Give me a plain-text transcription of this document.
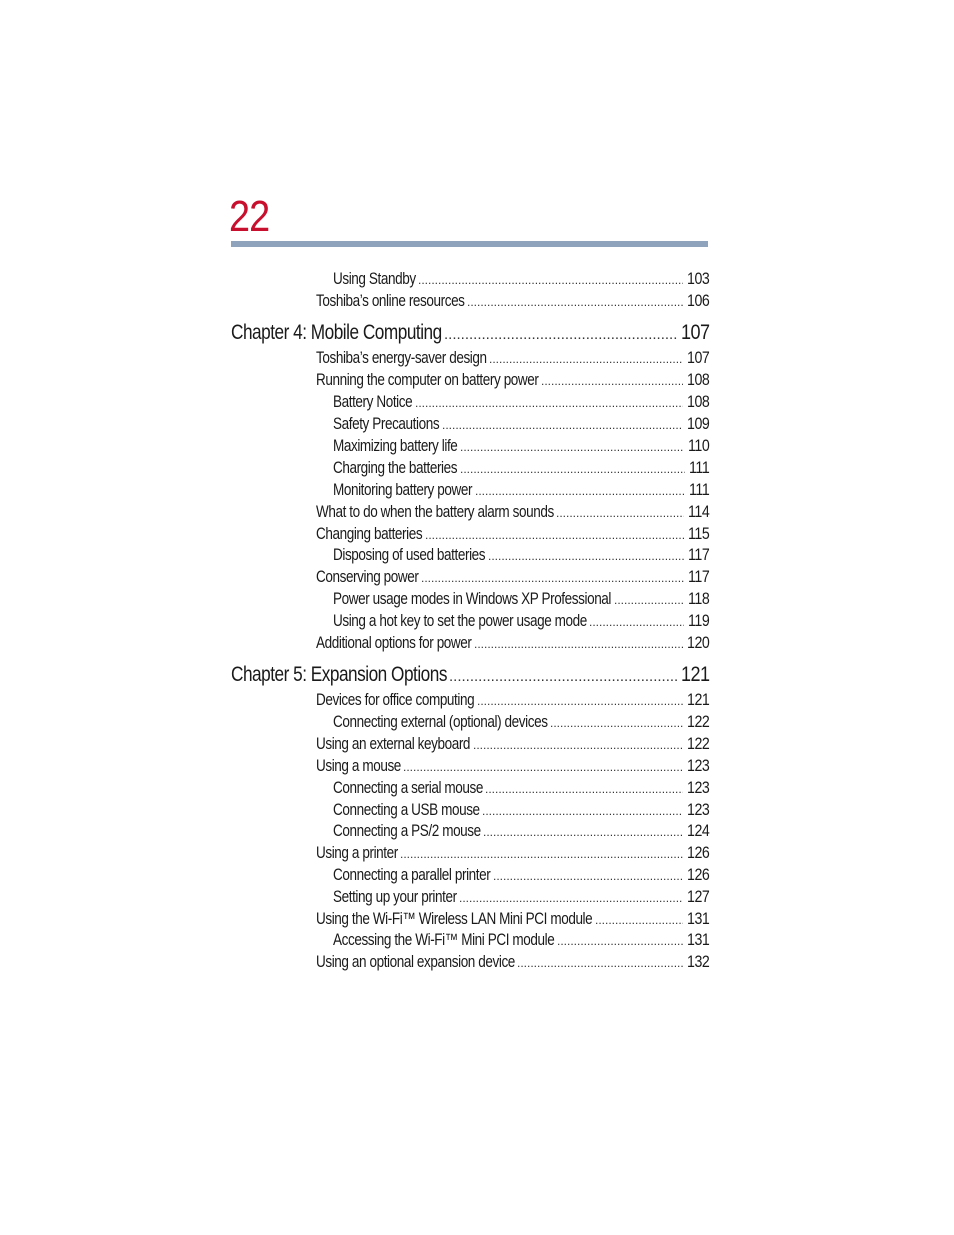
22
Using Standby .....	103
Toshiba’s online resources .....	106
Chapter 4: Mobile Computing .....	107
Toshiba’s energy-saver design .....	107
Running the computer on battery power .....	108
Battery Notice .....	108
Safety Precautions .....	109
Maximizing battery life .....	110
Charging the batteries .....	111
Monitoring battery power .....	111
What to do when the battery alarm sounds .....	114
Changing batteries .....	115
Disposing of used batteries .....	117
Conserving power .....	117
Power usage modes in Windows XP Professional .....	118
Using a hot key to set the power usage mode .....	119
Additional options for power .....	120
Chapter 5: Expansion Options .....	121
Devices for office computing .....	121
Connecting external (optional) devices .....	122
Using an external keyboard .....	122
Using a mouse .....	123
Connecting a serial mouse .....	123
Connecting a USB mouse .....	123
Connecting a PS/2 mouse .....	124
Using a printer .....	126
Connecting a parallel printer .....	126
Setting up your printer .....	127
Using the Wi-Fi™ Wireless LAN Mini PCI module .....	131
Accessing the Wi-Fi™ Mini PCI module .....	131
Using an optional expansion device .....	132
